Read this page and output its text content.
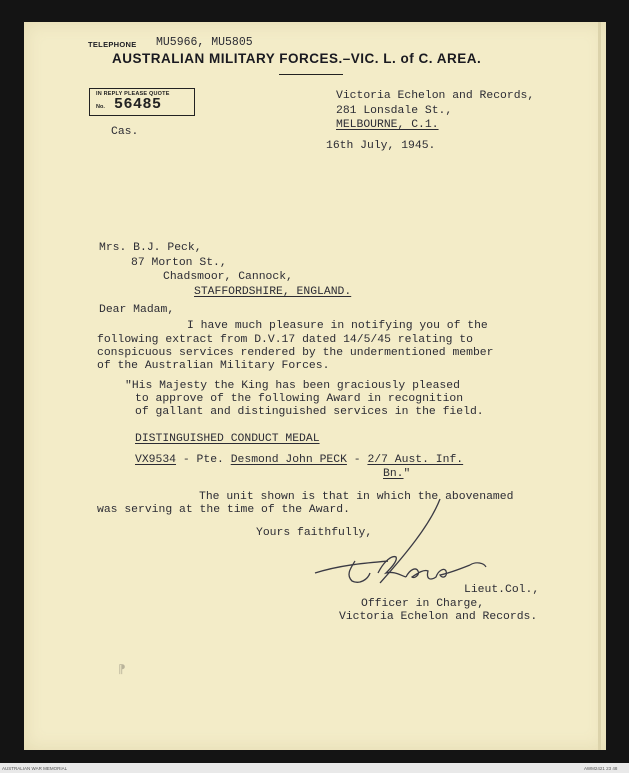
TELEPHONE MU5966, MU5805
AUSTRALIAN MILITARY FORCES.–VIC. L. of C. AREA.
IN REPLY PLEASE QUOTE
No. 56485	Victoria Echelon and Records,
281 Lonsdale St.,
MELBOURNE, C.1.
Cas.
16th July, 1945.
Mrs. B.J. Peck,
87 Morton St.,
Chadsmoor, Cannock,
STAFFORDSHIRE, ENGLAND.
Dear Madam,
I have much pleasure in notifying you of the
following extract from D.V.17 dated 14/5/45 relating to
conspicuous services rendered by the undermentioned member
of the Australian Military Forces.
"His Majesty the King has been graciously pleased
to approve of the following Award in recognition
of gallant and distinguished services in the field.
DISTINGUISHED CONDUCT MEDAL
VX9534 - Pte. Desmond John PECK - 2/7 Aust. Inf.
Bn."
The unit shown is that in which the abovenamed
was serving at the time of the Award.
Yours faithfully,
Lieut.Col.,
Officer in Charge,
Victoria Echelon and Records.
⁋
AUSTRALIAN WAR MEMORIAL	AWM2421 23 48
